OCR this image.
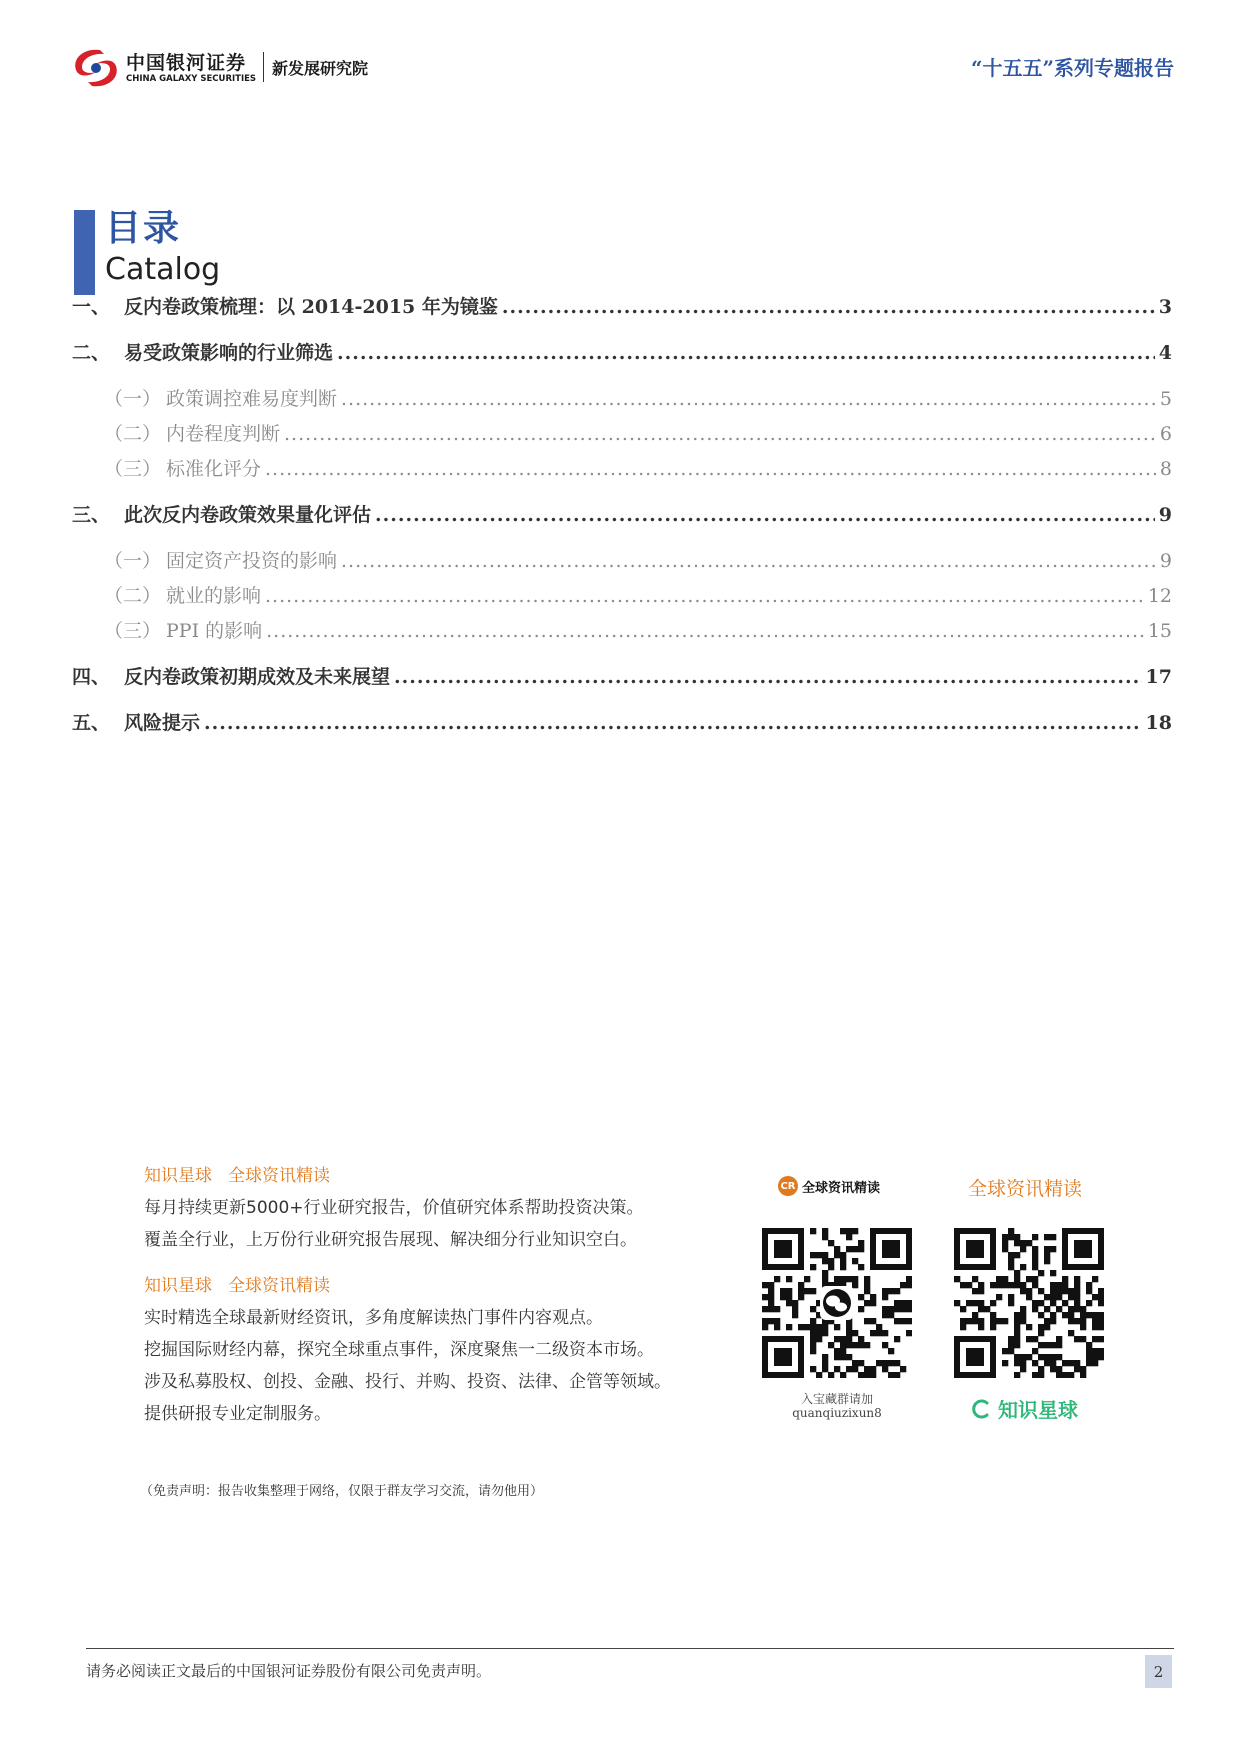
中国银河证券
CHINA GALAXY SECURITIES
新发展研究院	“十五五”系列专题报告
目录
Catalog
一、 反内卷政策梳理：以 2014-2015 年为镜鉴 .....	3
二、 易受政策影响的行业筛选 .....	4
（一） 政策调控难易度判断 .....	5
（二） 内卷程度判断 .....	6
（三） 标准化评分 .....	8
三、 此次反内卷政策效果量化评估 .....	9
（一） 固定资产投资的影响 .....	9
（二） 就业的影响 .....	12
（三） PPI 的影响 .....	15
四、 反内卷政策初期成效及未来展望 .....	17
五、 风险提示 .....	18
知识星球 全球资讯精读
每月持续更新5000+行业研究报告，价值研究体系帮助投资决策。
覆盖全行业，上万份行业研究报告展现、解决细分行业知识空白。
知识星球 全球资讯精读
实时精选全球最新财经资讯，多角度解读热门事件内容观点。
挖掘国际财经内幕，探究全球重点事件，深度聚焦一二级资本市场。
涉及私募股权、创投、金融、投行、并购、投资、法律、企管等领域。
提供研报专业定制服务。
CR 全球资讯精读	全球资讯精读
入宝藏群请加
quanqiuzixun8	知识星球
（免责声明：报告收集整理于网络，仅限于群友学习交流，请勿他用）
请务必阅读正文最后的中国银河证券股份有限公司免责声明。	2
